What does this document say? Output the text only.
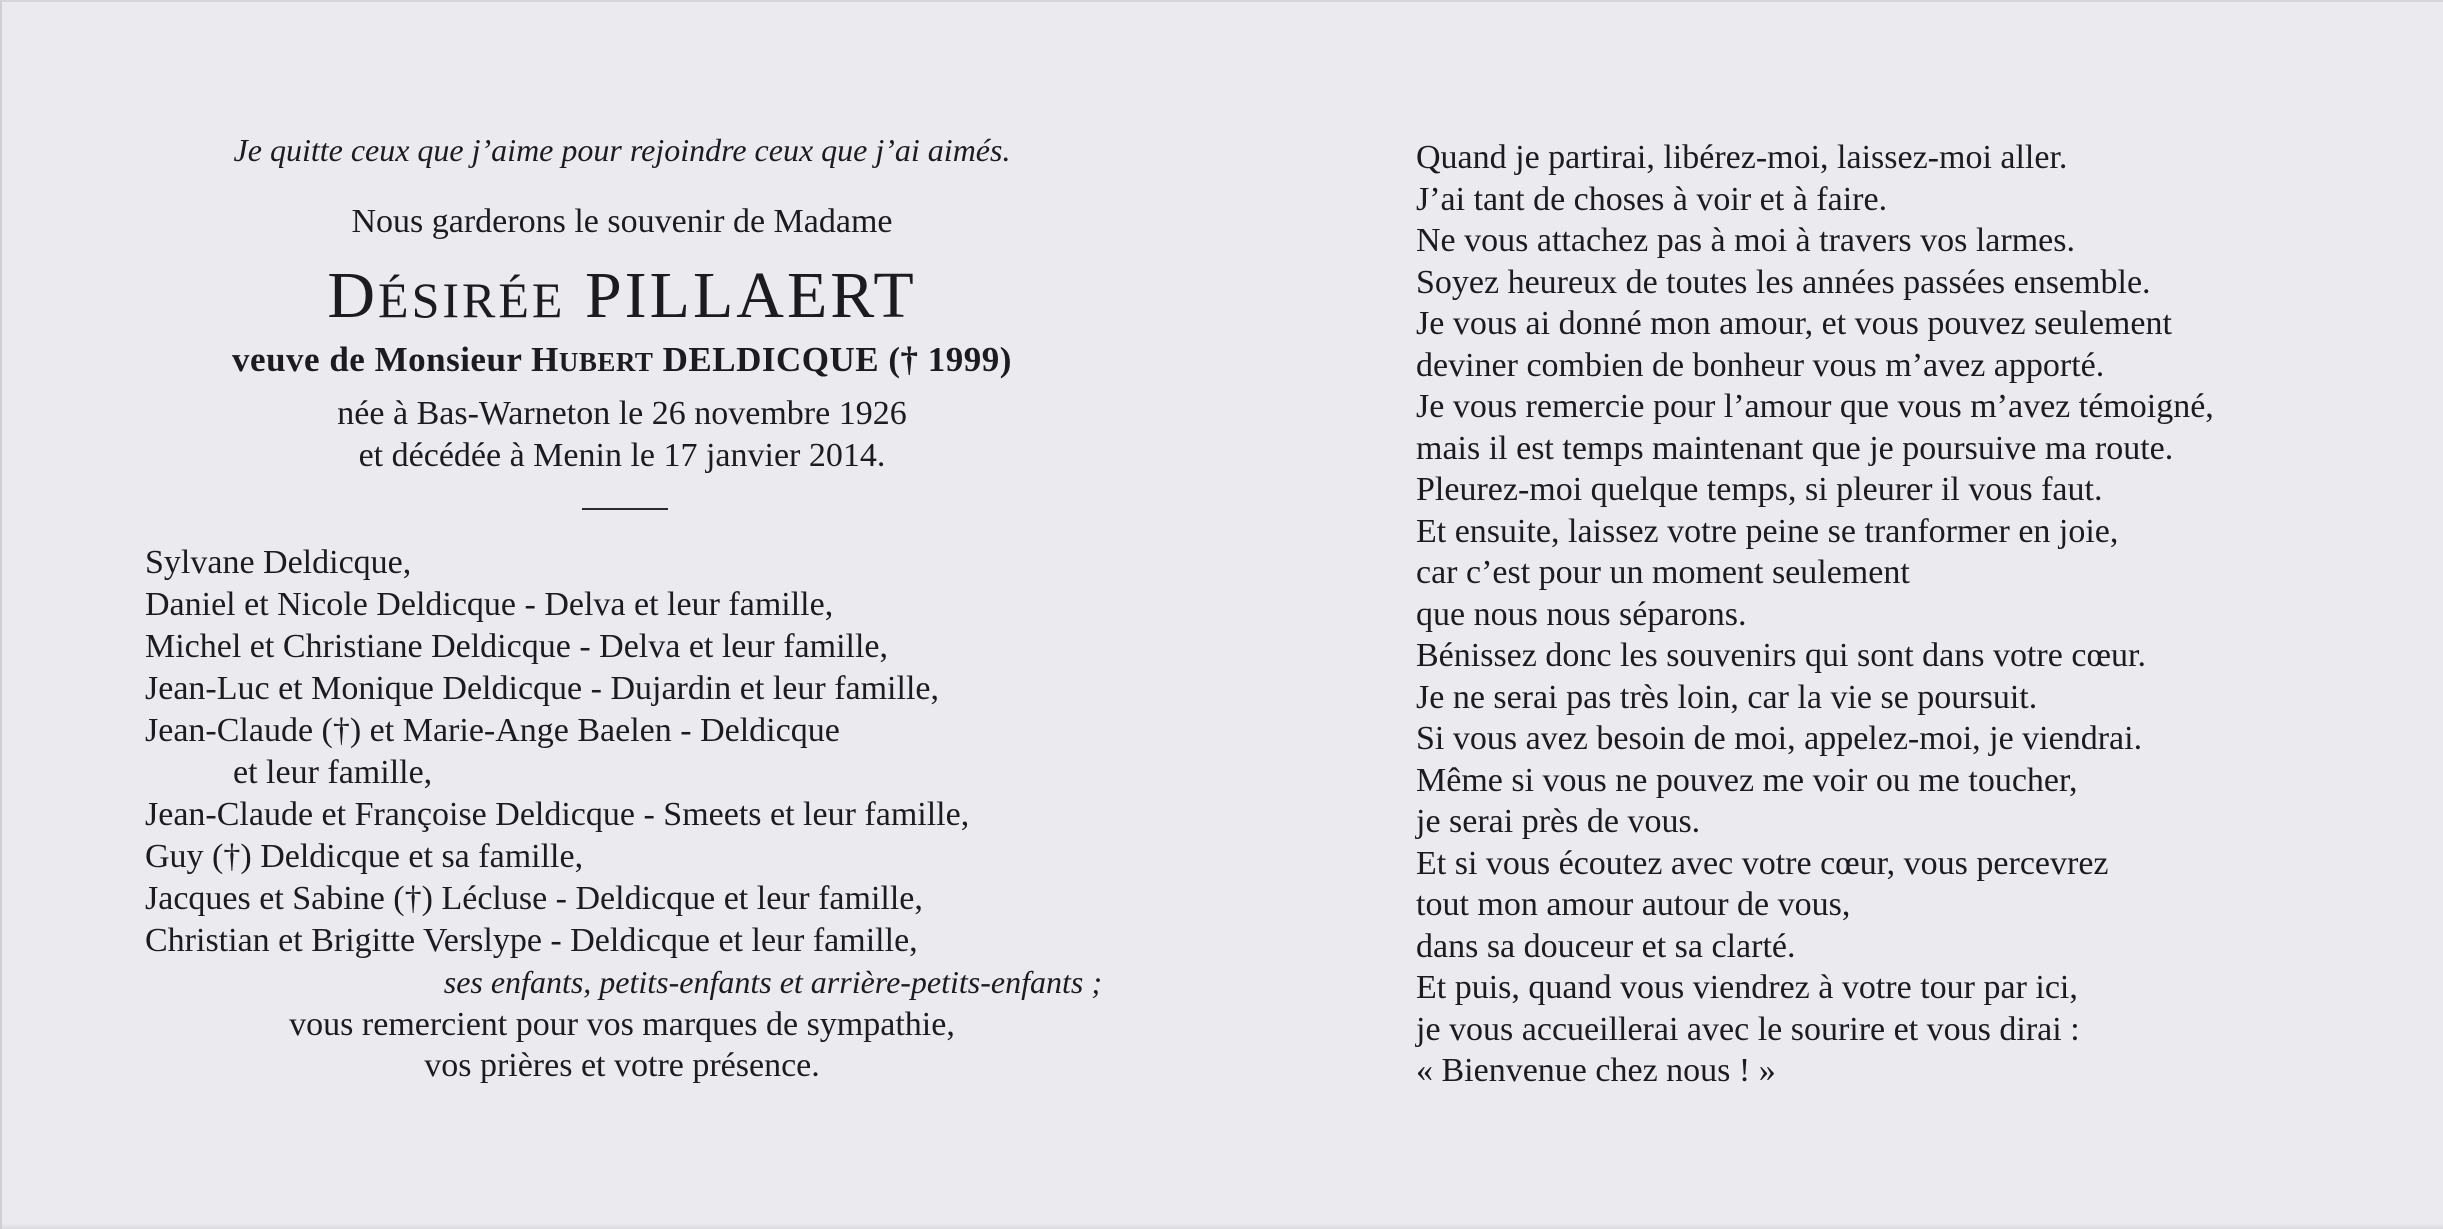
Je quitte ceux que j’aime pour rejoindre ceux que j’ai aimés.
Nous garderons le souvenir de Madame
DÉSIRÉE PILLAERT
veuve de Monsieur HUBERT DELDICQUE († 1999)
née à Bas-Warneton le 26 novembre 1926
et décédée à Menin le 17 janvier 2014.
Sylvane Deldicque,
Daniel et Nicole Deldicque - Delva et leur famille,
Michel et Christiane Deldicque - Delva et leur famille,
Jean-Luc et Monique Deldicque - Dujardin et leur famille,
Jean-Claude (†) et Marie-Ange Baelen - Deldicque
et leur famille,
Jean-Claude et Françoise Deldicque - Smeets et leur famille,
Guy (†) Deldicque et sa famille,
Jacques et Sabine (†) Lécluse - Deldicque et leur famille,
Christian et Brigitte Verslype - Deldicque et leur famille,
ses enfants, petits-enfants et arrière-petits-enfants ;
vous remercient pour vos marques de sympathie,
vos prières et votre présence.
Quand je partirai, libérez-moi, laissez-moi aller.
J’ai tant de choses à voir et à faire.
Ne vous attachez pas à moi à travers vos larmes.
Soyez heureux de toutes les années passées ensemble.
Je vous ai donné mon amour, et vous pouvez seulement
deviner combien de bonheur vous m’avez apporté.
Je vous remercie pour l’amour que vous m’avez témoigné,
mais il est temps maintenant que je poursuive ma route.
Pleurez-moi quelque temps, si pleurer il vous faut.
Et ensuite, laissez votre peine se tranformer en joie,
car c’est pour un moment seulement
que nous nous séparons.
Bénissez donc les souvenirs qui sont dans votre cœur.
Je ne serai pas très loin, car la vie se poursuit.
Si vous avez besoin de moi, appelez-moi, je viendrai.
Même si vous ne pouvez me voir ou me toucher,
je serai près de vous.
Et si vous écoutez avec votre cœur, vous percevrez
tout mon amour autour de vous,
dans sa douceur et sa clarté.
Et puis, quand vous viendrez à votre tour par ici,
je vous accueillerai avec le sourire et vous dirai :
« Bienvenue chez nous ! »
